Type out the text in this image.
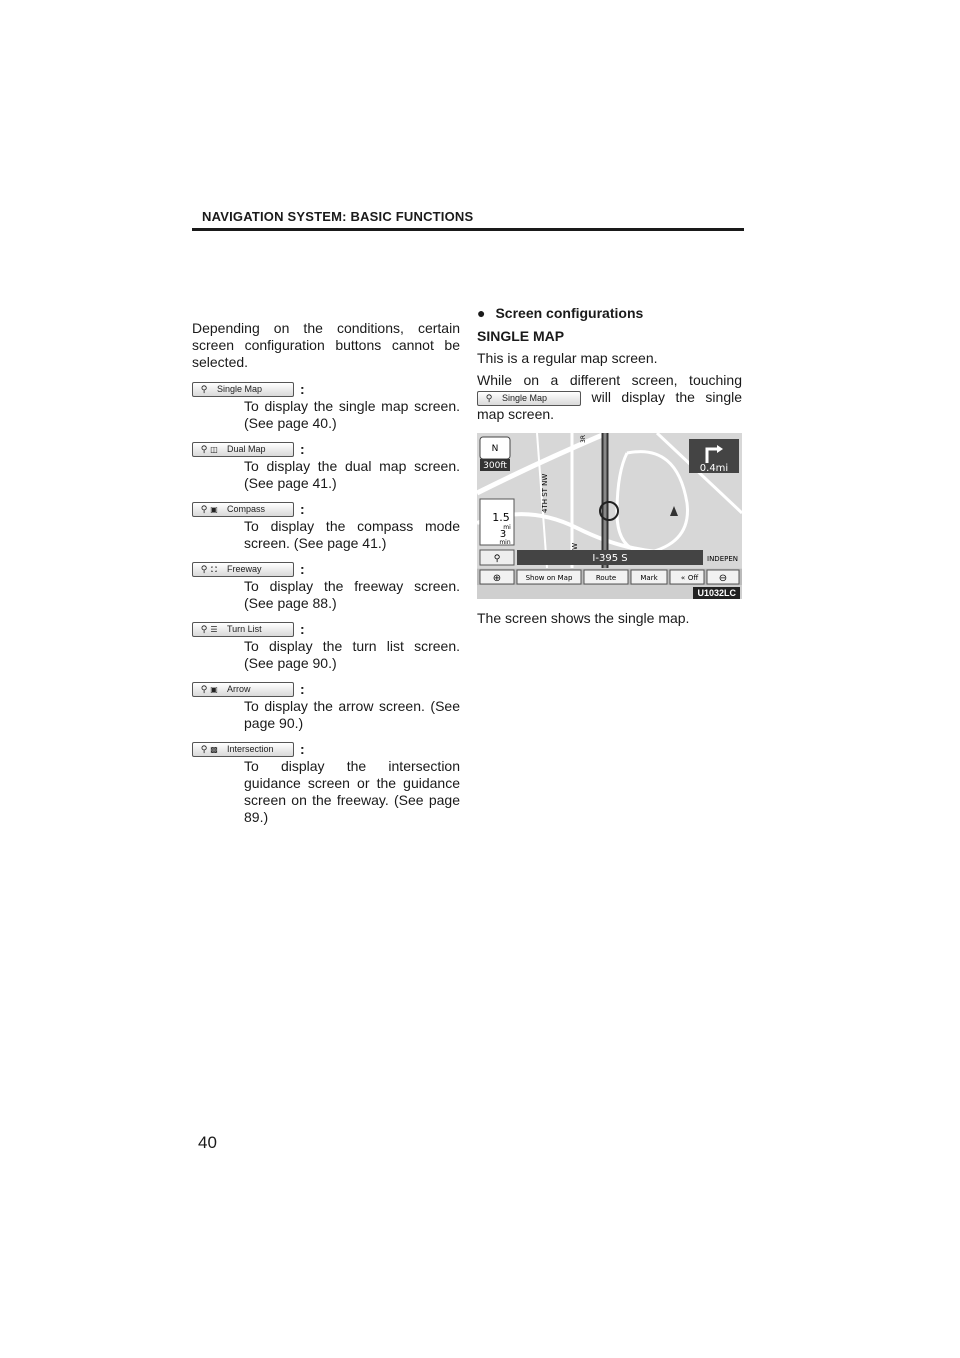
NAVIGATION SYSTEM: BASIC FUNCTIONS

Depending on the conditions, certain screen configuration buttons cannot be selected.

⚲ Single Map	:
To display the single map screen. (See page 40.)
⚲ ◫ Dual Map :
To display the dual map screen. (See page 41.)
⚲ ▣ Compass :
To display the compass mode screen. (See page 41.)
⚲ ⛚ Freeway	:
To display the freeway screen. (See page 88.)
⚲ ☰ Turn List	:
To display the turn list screen. (See page 90.)
⚲ ▣ Arrow	:
To display the arrow screen. (See page 90.)
⚲ ▩ Intersection :
To display the intersection guidance screen or the guidance screen on the freeway. (See page 89.)

● Screen configurations

SINGLE MAP

This is a regular map screen.

While on a different screen, touching
⚲ Single Map	will display the single map screen.

N
300ft	0.4mi
1.5
mi
3
min
4TH ST NW
INDEPEN
3R
⚲	I-395 S
⊕	Show on Map	Route	Mark	« Off ⊖
U1032LC
The screen shows the single map.
40
